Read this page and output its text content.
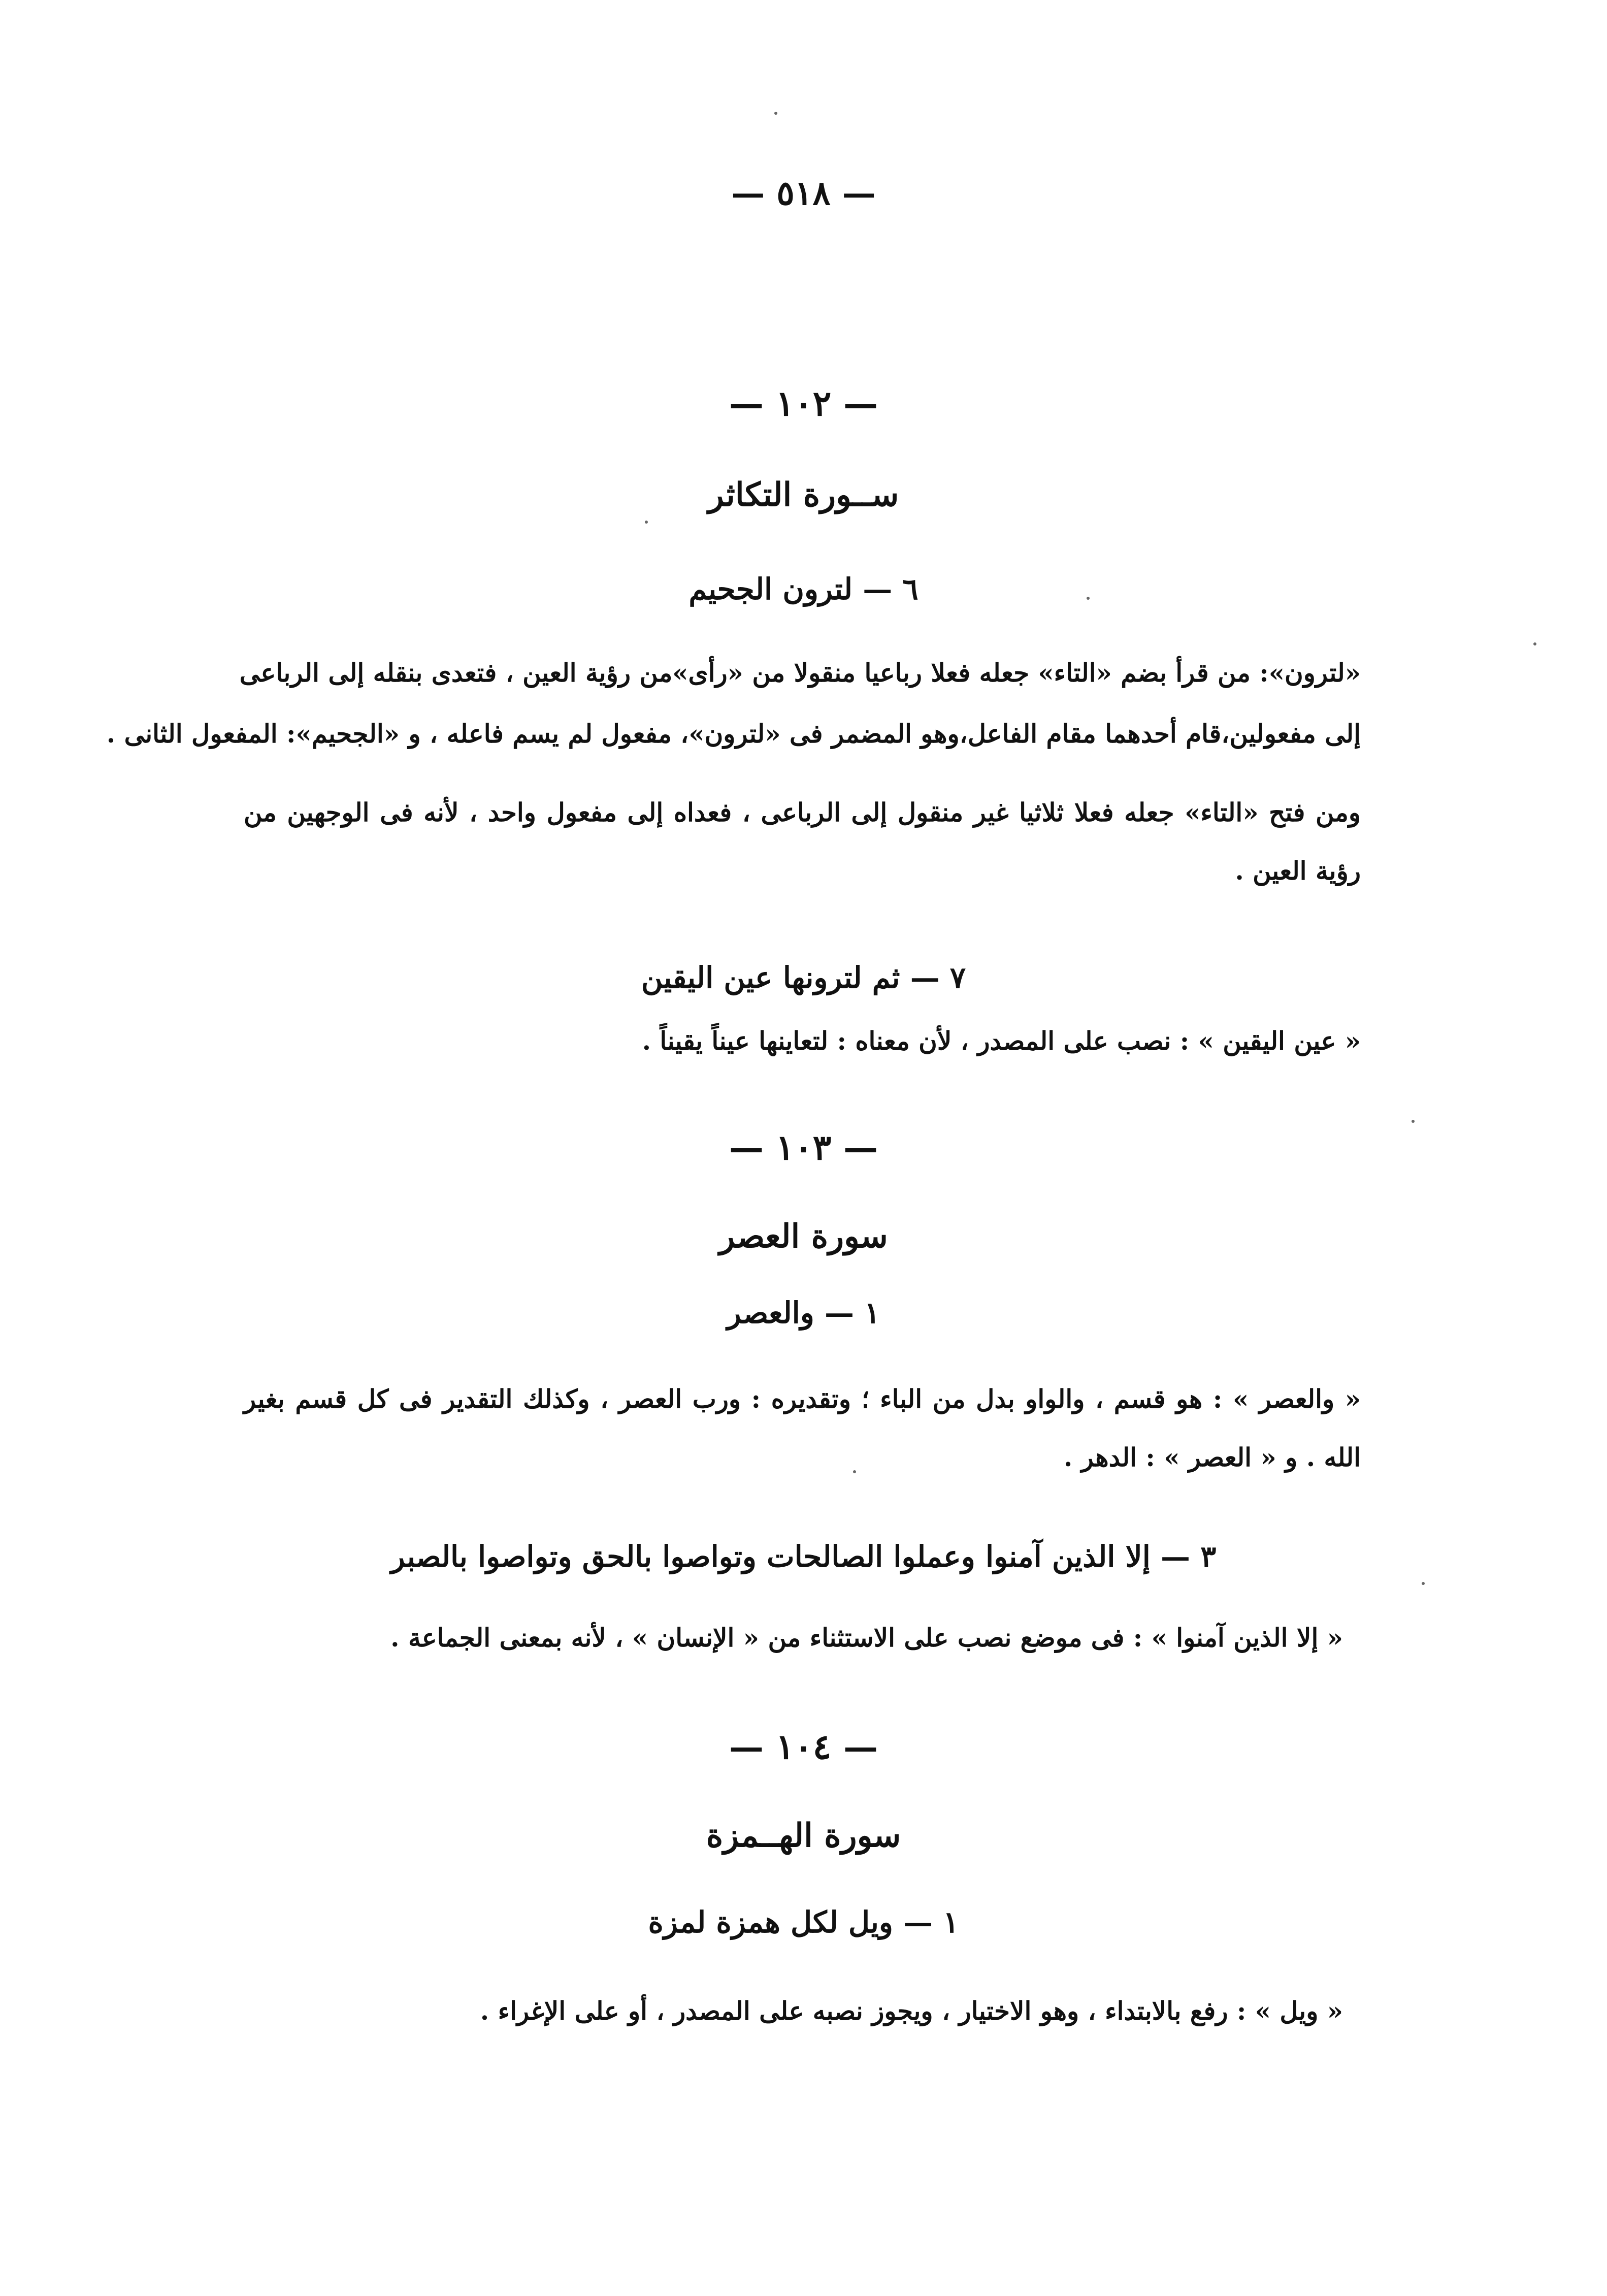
— ٥١٨ —
— ١٠٢ —
ســورة التكاثر
٦ — لترون الجحيم
«لترون»: من قرأ بضم «التاء» جعله فعلا رباعيا منقولا من «رأى»من رؤية العين ، فتعدى بنقله إلى الرباعى
إلى مفعولين،قام أحدهما مقام الفاعل،وهو المضمر فى «لترون»، مفعول لم يسم فاعله ، و «الجحيم»: المفعول الثانى .
ومن فتح «التاء» جعله فعلا ثلاثيا غير منقول إلى الرباعى ، فعداه إلى مفعول واحد ، لأنه فى الوجهين من
رؤية العين .
٧ — ثم لترونها عين اليقين
« عين اليقين » : نصب على المصدر ، لأن معناه : لتعاينها عيناً يقيناً .
— ١٠٣ —
سورة العصر
١ — والعصر
« والعصر » : هو قسم ، والواو بدل من الباء ؛ وتقديره : ورب العصر ، وكذلك التقدير فى كل قسم بغير
الله . و « العصر » : الدهر .
٣ — إلا الذين آمنوا وعملوا الصالحات وتواصوا بالحق وتواصوا بالصبر
« إلا الذين آمنوا » : فى موضع نصب على الاستثناء من « الإنسان » ، لأنه بمعنى الجماعة .
— ١٠٤ —
سورة الهــمزة
١ — ويل لكل همزة لمزة
« ويل » : رفع بالابتداء ، وهو الاختيار ، ويجوز نصبه على المصدر ، أو على الإغراء .
